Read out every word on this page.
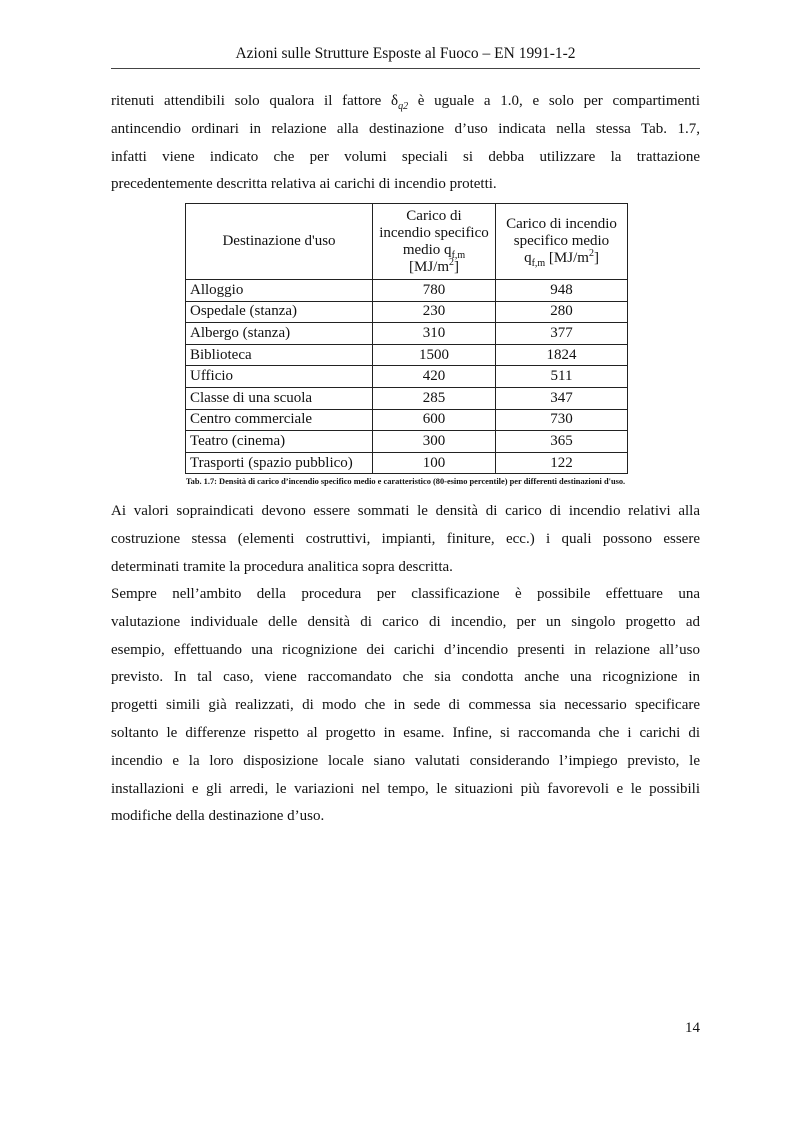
Azioni sulle Strutture Esposte al Fuoco – EN 1991-1-2

ritenuti attendibili solo qualora il fattore $\delta_{q2}$ è uguale a 1.0, e solo per compartimenti
antincendio ordinari in relazione alla destinazione d’uso indicata nella stessa Tab. 1.7,
infatti viene indicato che per volumi speciali si debba utilizzare la trattazione
precedentemente descritta relativa ai carichi di incendio protetti.

Destinazione d'uso	Carico di
incendio specifico
medio $q_{f,m}$
$[MJ/m^2]$	Carico di incendio
specifico medio
$q_{f,m}$ $[MJ/m^2]$
Alloggio	780	948
Ospedale (stanza)	230	280
Albergo (stanza)	310	377
Biblioteca	1500	1824
Ufficio	420	511
Classe di una scuola	285	347
Centro commerciale	600	730
Teatro (cinema)	300	365
Trasporti (spazio pubblico)	100	122
Tab. 1.7: Densità di carico d’incendio specifico medio e caratteristico (80-esimo percentile) per differenti destinazioni d'uso.

Ai valori sopraindicati devono essere sommati le densità di carico di incendio relativi alla
costruzione stessa (elementi costruttivi, impianti, finiture, ecc.) i quali possono essere
determinati tramite la procedura analitica sopra descritta.

Sempre nell’ambito della procedura per classificazione è possibile effettuare una
valutazione individuale delle densità di carico di incendio, per un singolo progetto ad
esempio, effettuando una ricognizione dei carichi d’incendio presenti in relazione all’uso
previsto. In tal caso, viene raccomandato che sia condotta anche una ricognizione in
progetti simili già realizzati, di modo che in sede di commessa sia necessario specificare
soltanto le differenze rispetto al progetto in esame. Infine, si raccomanda che i carichi di
incendio e la loro disposizione locale siano valutati considerando l’impiego previsto, le
installazioni e gli arredi, le variazioni nel tempo, le situazioni più favorevoli e le possibili
modifiche della destinazione d’uso.

14
